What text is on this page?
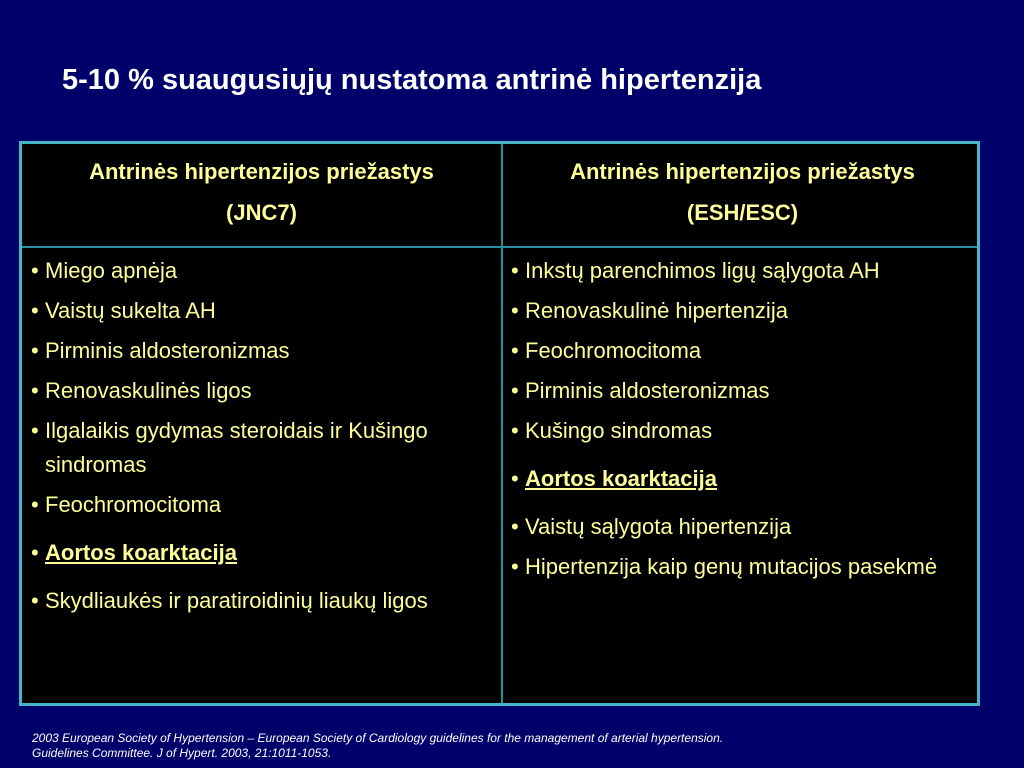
5-10 % suaugusiųjų nustatoma antrinė hipertenzija
Antrinės hipertenzijos priežastys
(JNC7)
Antrinės hipertenzijos priežastys
(ESH/ESC)
• Miego apnėja
• Vaistų sukelta AH
• Pirminis aldosteronizmas
• Renovaskulinės ligos
• Ilgalaikis gydymas steroidais ir Kušingo sindromas
• Feochromocitoma
• Aortos koarktacija
• Skydliaukės ir paratiroidinių liaukų ligos
• Inkstų parenchimos ligų sąlygota AH
• Renovaskulinė hipertenzija
• Feochromocitoma
• Pirminis aldosteronizmas
• Kušingo sindromas
• Aortos koarktacija
• Vaistų sąlygota hipertenzija
• Hipertenzija kaip genų mutacijos pasekmė

2003 European Society of Hypertension – European Society of Cardiology guidelines for the management of arterial hypertension.
Guidelines Committee. J of Hypert. 2003, 21:1011-1053.
